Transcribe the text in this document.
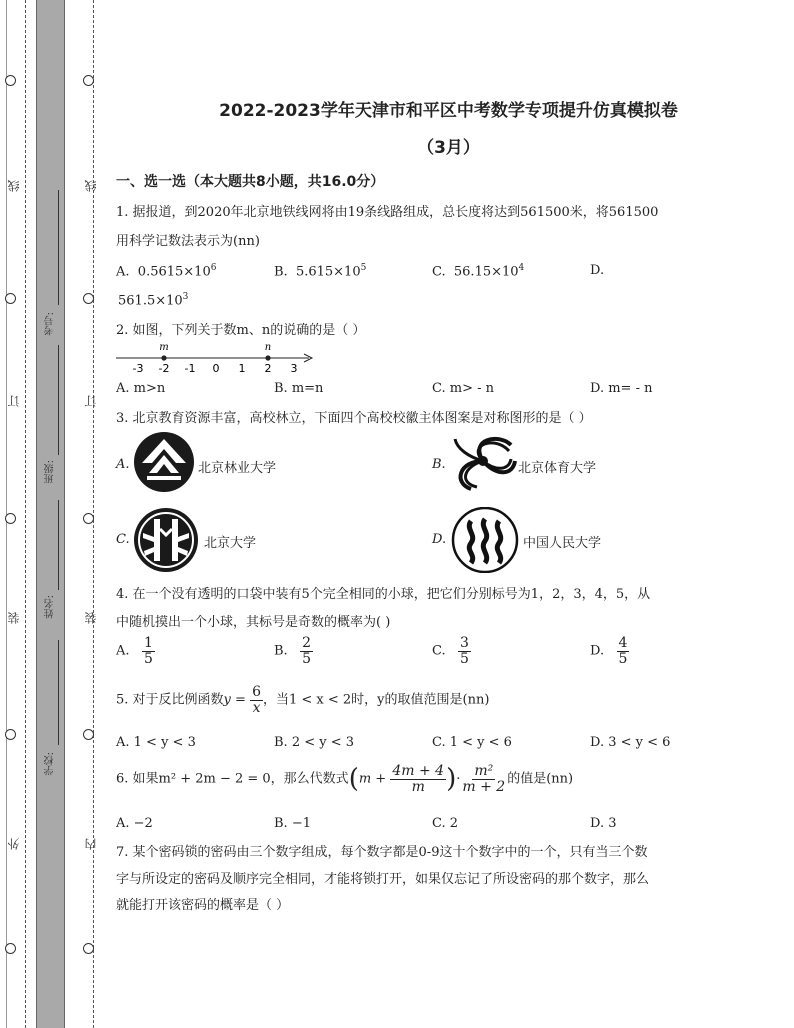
线
订
装
外
线
订
装
内
考号:
班级:
姓名:
学校:
2022-2023学年天津市和平区中考数学专项提升仿真模拟卷
（3月）
一、选一选（本大题共8小题，共16.0分）
1. 据报道，到2020年北京地铁线网将由19条线路组成，总长度将达到561500米，将561500
用科学记数法表示为(nn)
A. $0.5615\times 10^6$	B. $5.615\times 10^5$	C. $56.15\times 10^4$	D.
$561.5\times 10^3$
2. 如图，下列关于数m、n的说确的是（ ）
-3 -2 -1 0 1 2 3
m	n
A. m>n	B. m=n	C. m> - n	D. m= - n
3. 北京教育资源丰富，高校林立，下面四个高校校徽主体图案是对称图形的是（ ）
A.	北京林业大学	B.	北京体育大学
C.	北京大学	D.	中国人民大学
4. 在一个没有透明的口袋中装有5个完全相同的小球，把它们分别标号为1，2，3，4，5，从
中随机摸出一个小球，其标号是奇数的概率为( )
A. $\frac{1}{5}$	B. $\frac{2}{5}$	C. $\frac{3}{5}$	D. $\frac{4}{5}$
5. 对于反比例函数$y = \frac{6}{x}$ ，当1 < x < 2时，y的取值范围是(nn)
A. 1 < y < 3	B. 2 < y < 3	C. 1 < y < 6	D. 3 < y < 6
6. 如果m² + 2m − 2 = 0，那么代数式($m + \frac{4m + 4}{m}$ )· $\frac{\text{m²}}{m + 2}$ 的值是(nn)
A. −2	B. −1	C. 2	D. 3
7. 某个密码锁的密码由三个数字组成，每个数字都是0-9这十个数字中的一个，只有当三个数
字与所设定的密码及顺序完全相同，才能将锁打开，如果仅忘记了所设密码的那个数字，那么
就能打开该密码的概率是（ ）
